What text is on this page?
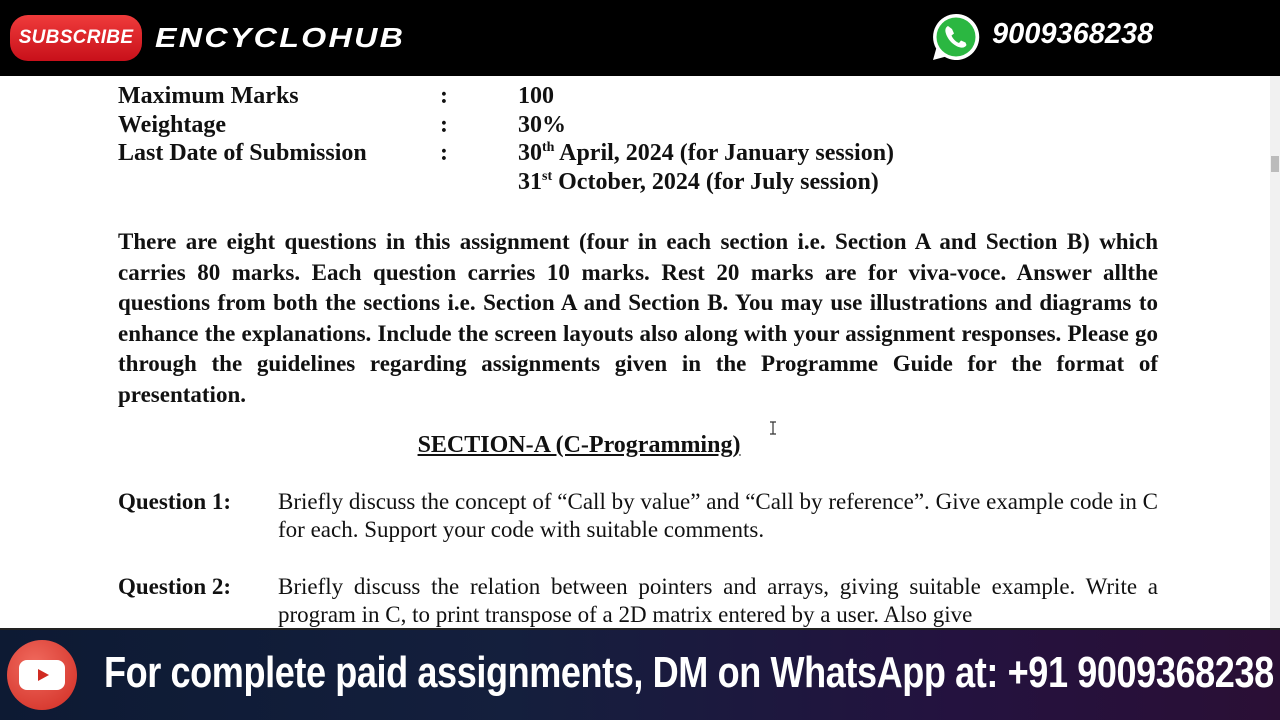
SUBSCRIBE ENCYCLOHUB	9009368238
Maximum Marks	:	100
Weightage	:	30%
Last Date of Submission	:	30th April, 2024 (for January session)
31st October, 2024 (for July session)

There are eight questions in this assignment (four in each section i.e. Section A and Section B) which carries 80 marks. Each question carries 10 marks. Rest 20 marks are for viva-voce. Answer allthe questions from both the sections i.e. Section A and Section B. You may use illustrations and diagrams to enhance the explanations. Include the screen layouts also along with your assignment responses. Please go through the guidelines regarding assignments given in the Programme Guide for the format of presentation.

SECTION-A (C-Programming)
Question 1:	Briefly discuss the concept of “Call by value” and “Call by reference”. Give example code in C for each. Support your code with suitable comments.
Question 2:	Briefly discuss the relation between pointers and arrays, giving suitable example. Write a program in C, to print transpose of a 2D matrix entered by a user. Also give
For complete paid assignments, DM on WhatsApp at: +91 9009368238
